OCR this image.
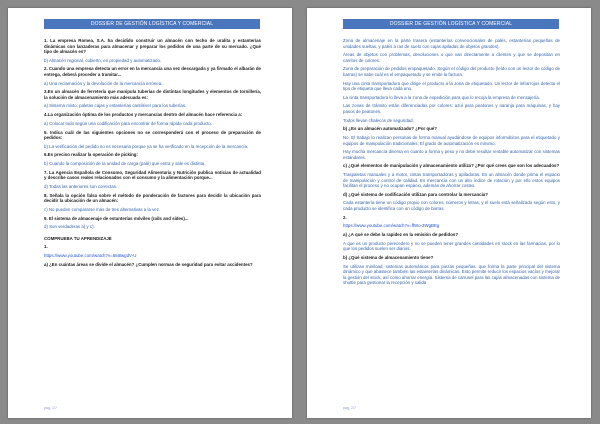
DOSSIER DE GESTIÓN LOGÍSTICA Y COMERCIAL

1. La empresa Romea, S.A. ha decidido construir un almacén con techo de uralita y estanterías dinámicas con lanzaderas para almacenar y preparar los pedidos de una parte de su mercado. ¿Qué tipo de almacén es?

b) Almacén regional, cubierto, en propiedad y automatizado.

2. Cuando una empresa detecta un error en la mercancía una vez descargada y ya firmado el albarán de entrega, deberá proceder a tramitar...

a) Una reclamación y la devolución de la mercancía errónea.

3.En un almacén de ferretería que manipula tuberías de distintas longitudes y elementos de tornillería, la solución de almacenamiento más adecuada es:

a) Sistema mixto: paletas cajas y estanterías cantiléver para los tuberías.

4.La organización óptima de los productos y mercancías dentro del almacén hace referencia a:

a) Colocar todo según una codificación para encontrar de forma rápida cada producto.

5. Indica cuál de las siguientes opciones no se corresponderá con el proceso de preparación de pedidos:

b) La verificación del pedido no es necesaria porque ya se ha verificado en la recepción de la mercancía.

6.Es preciso realizar la operación de picking:

b) Cuando la composición de la unidad de carga (palé) que entra y sale es distinta.

7. La Agencia Española de Consumo, Seguridad Alimentaria y Nutrición publica noticias de actualidad y describe casos reales relacionados con el consumo y la alimentación porque...

d) Todas las anteriores son correctas.

8. Señala la opción falsa sobre el método de ponderación de factores para decidir la ubicación para decidir la ubicación de un almacén:

c) No pueden compararse más de tres alternativas a la vez.

9. El sistema de almacenaje de estanterías móviles (rails and sides)...

d) Son verdaderas a) y c).

COMPRUEBA TU APRENDIZAJE

1.

https://www.youtube.com/watch?v=55i8wgdV-U

a) ¿En cuántas áreas se divide el almacén? ¿Cumplen normas de seguridad para evitar accidentes?

pág. 1/7
DOSSIER DE GESTIÓN LOGÍSTICA Y COMERCIAL

Zona de almacenaje en la parte trasera (estanterías convencionales de palés, estanterías pequeñas de unidades sueltas, y palés a ras de suelo con cajas apiladas de objetos grandes).

Áreas de objetos con problemas, devoluciones o que van directamente a clientes y que se depositan en carritos de colores.

Zona de preparación de pedidos empaquetado. Según el código del producto (leído con un lector de código de barras) se sabe cuál es el empaquetado y se emite la factura.

Hay una cinta transportadora que dirige el producto a la zona de etiquetado. Un lector de infrarrojos detecta el tipo de etiqueta que lleva cada uno.

La cinta transportadora lo lleva a la zona de expedición para que lo recoja la empresa de mensajería.

Las zonas de tránsito están diferenciadas por colores: azul para peatones y naranja para máquinas, y hay pasos de peatones.

Todos llevan chalecos de seguridad.

b) ¿Es un almacén automatizado? ¿Por qué?

No. El trabajo lo realizan personas de forma manual ayudándose de equipos informáticos para el etiquetado y equipos de manipulación tradicionales. El grado de automatización es mínimo.

Hay mucha mercancía diversa en cuanto a forma y peso y no debe resultar rentable automatizar con sistemas estándares.

c) ¿Qué elementos de manipulación y almacenamiento utiliza? ¿Por qué crees que son los adecuados?

Traspaletas manuales y a motor, cintas transportadoras y apiladoras. Es un almacén donde prima el espacio de manipulación y control de calidad. Es mercancía con un alto índice de rotación y por ello estos equipos facilitan el proceso y no ocupan espacio, además de ahorrar costes.

d) ¿Qué sistema de codificación utilizan para controlar la mercancía?

Cada estantería tiene un código propio con colores, números y letras, y el suelo está señalizado según esto, y cada producto se identifica con un código de barras.

2.

https://www.youtube.com/watch?v=ffWo-3WgBEg

a) ¿A qué se debe la rapidez en la emisión de pedidos?

A que es un producto perecedero y no se pueden tener grandes cantidades en stock en las farmacias, por lo que los pedidos suelen ser diarios.

b) ¿Qué sistema de almacenamiento tiene?

Se utilizan miniload, sistemas automáticos para piezas pequeñas, que forma la parte principal del sistema dinámico y que abastece también las estanterías dinámicas. Esto permite reducir los espacios vacíos y mejorar la gestión del stock, así como ahorrar energía. Sistema de carrusel para las cajas almacenadas con sistema de shuttle para gestionar la recepción y salida

pág. 2/7
